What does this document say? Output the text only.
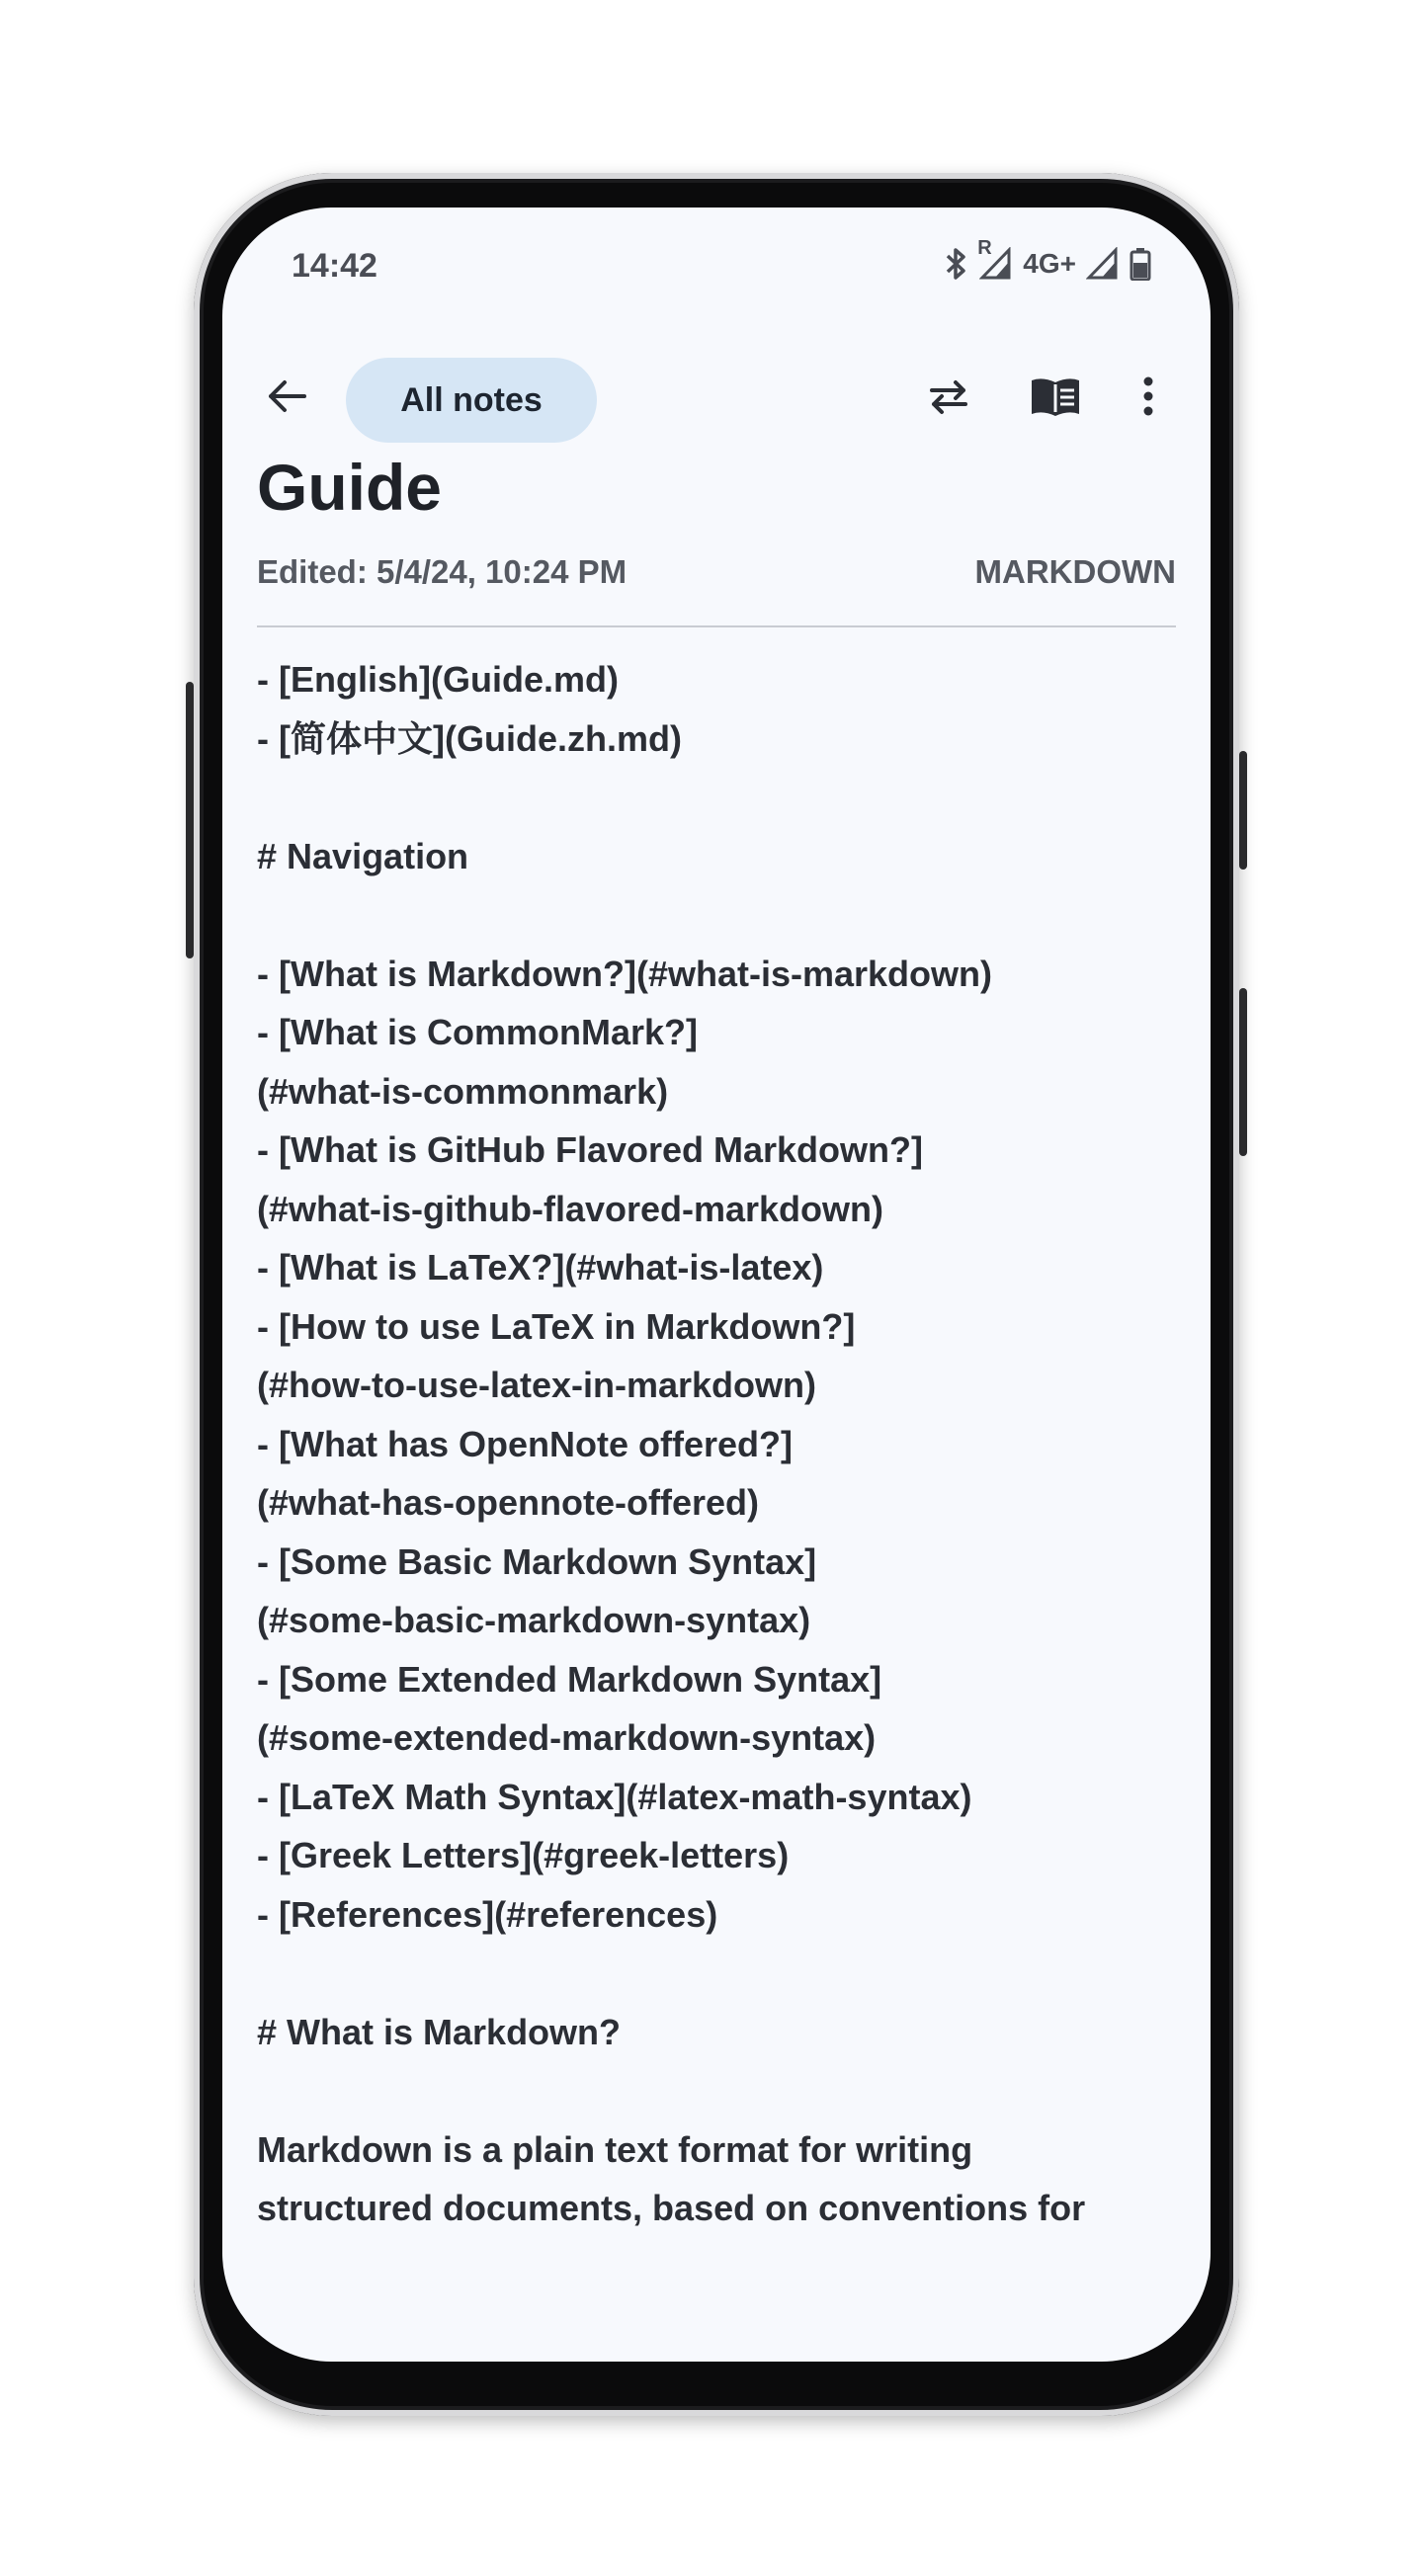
14:42	R 4G+
All notes
Guide
Edited: 5/4/24, 10:24 PM	MARKDOWN
- [English](Guide.md)
- [简体中文](Guide.zh.md)
# Navigation
- [What is Markdown?](#what-is-markdown)
- [What is CommonMark?]
(#what-is-commonmark)
- [What is GitHub Flavored Markdown?]
(#what-is-github-flavored-markdown)
- [What is LaTeX?](#what-is-latex)
- [How to use LaTeX in Markdown?]
(#how-to-use-latex-in-markdown)
- [What has OpenNote offered?]
(#what-has-opennote-offered)
- [Some Basic Markdown Syntax]
(#some-basic-markdown-syntax)
- [Some Extended Markdown Syntax]
(#some-extended-markdown-syntax)
- [LaTeX Math Syntax](#latex-math-syntax)
- [Greek Letters](#greek-letters)
- [References](#references)
# What is Markdown?
Markdown is a plain text format for writing
structured documents, based on conventions for
